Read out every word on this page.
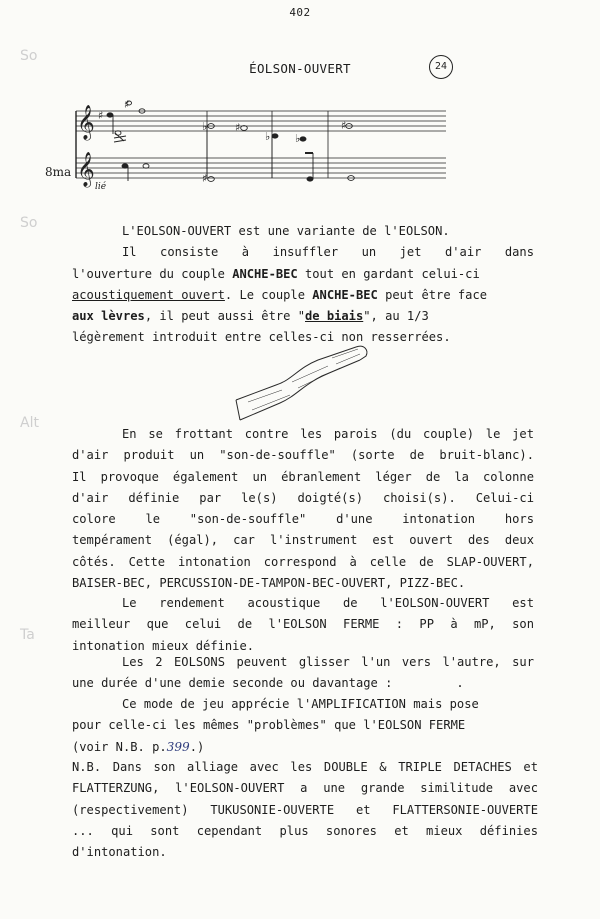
So
So
Alt
Ta
402
ÉOLSON-OUVERT	24
𝄞
𝄞
♯
♯
♯
♭
♯
♭
♯
♭
8ma
lié
L'EOLSON-OUVERT est une variante de l'EOLSON.
Il consiste à insuffler un jet d'air dans
l'ouverture du couple ANCHE-BEC tout en gardant celui-ci
acoustiquement ouvert. Le couple ANCHE-BEC peut être face
aux lèvres, il peut aussi être "de biais", au 1/3
légèrement introduit entre celles-ci non resserrées.
En se frottant contre les parois (du couple) le jet
d'air produit un "son-de-souffle" (sorte de bruit-blanc).
Il provoque également un ébranlement léger de la colonne
d'air définie par le(s) doigté(s) choisi(s). Celui-ci
colore le "son-de-souffle" d'une intonation hors
tempérament (égal), car l'instrument est ouvert des deux
côtés. Cette intonation correspond à celle de SLAP-OUVERT,
BAISER-BEC, PERCUSSION-DE-TAMPON-BEC-OUVERT, PIZZ-BEC.
Le rendement acoustique de l'EOLSON-OUVERT est
meilleur que celui de l'EOLSON FERME : PP à mP, son
intonation mieux définie.
Les 2 EOLSONS peuvent glisser l'un vers l'autre, sur
une durée d'une demie seconde ou davantage :	.
Ce mode de jeu apprécie l'AMPLIFICATION mais pose
pour celle-ci les mêmes "problèmes" que l'EOLSON FERME
(voir N.B. p.399.)
N.B. Dans son alliage avec les DOUBLE & TRIPLE DETACHES et
FLATTERZUNG, l'EOLSON-OUVERT a une grande similitude avec
(respectivement) TUKUSONIE-OUVERTE et FLATTERSONIE-OUVERTE
... qui sont cependant plus sonores et mieux définies
d'intonation.
